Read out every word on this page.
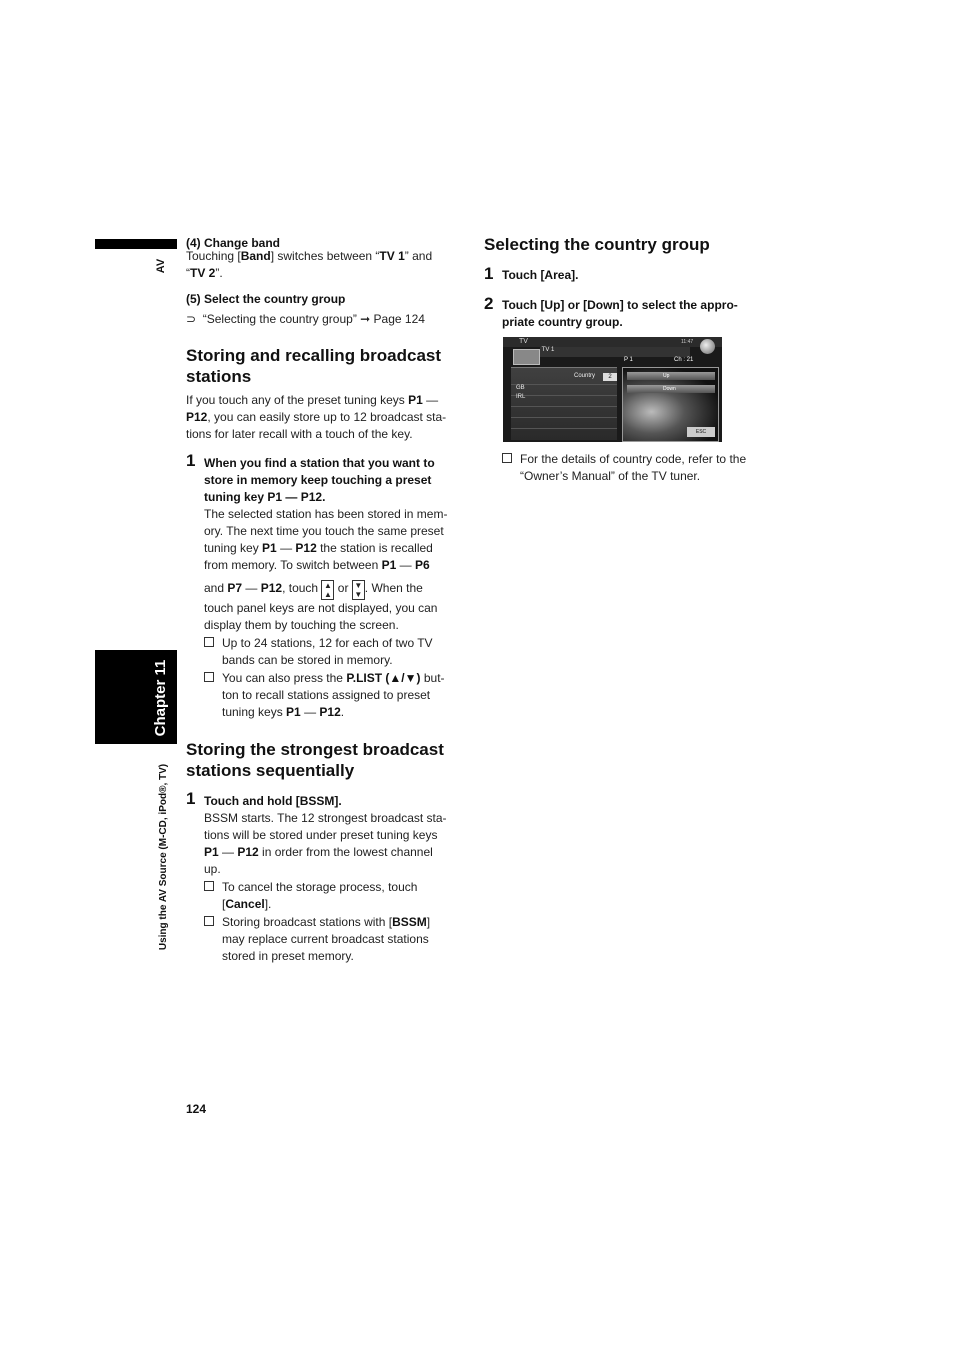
AV
Chapter 11
Using the AV Source (M-CD, iPod®, TV)
(4) Change band
Touching [Band] switches between “TV 1” and
“TV 2”.
(5) Select the country group
⊃ “Selecting the country group” ➞ Page 124
Storing and recalling broadcast
stations
If you touch any of the preset tuning keys P1 —
P12, you can easily store up to 12 broadcast sta-
tions for later recall with a touch of the key.
1 When you find a station that you want to
store in memory keep touching a preset
tuning key P1 — P12.
The selected station has been stored in mem-
ory. The next time you touch the same preset
tuning key P1 — P12 the station is recalled
from memory. To switch between P1 — P6
and P7 — P12, touch ▲
▲ or ▼
▼ . When the
touch panel keys are not displayed, you can
display them by touching the screen.
Up to 24 stations, 12 for each of two TV
bands can be stored in memory.
You can also press the P.LIST (▲/▼) but-
ton to recall stations assigned to preset
tuning keys P1 — P12.
Storing the strongest broadcast
stations sequentially
1 Touch and hold [BSSM].
BSSM starts. The 12 strongest broadcast sta-
tions will be stored under preset tuning keys
P1 — P12 in order from the lowest channel
up.
To cancel the storage process, touch
[Cancel].
Storing broadcast stations with [BSSM]
may replace current broadcast stations
stored in preset memory.
Selecting the country group
1 Touch [Area].
2 Touch [Up] or [Down] to select the appro-
priate country group.
TV	11:47
TV 1
P 1	Ch : 21
Country	2
GB
IRL
Up
Down
ESC
For the details of country code, refer to the
“Owner’s Manual” of the TV tuner.
124
